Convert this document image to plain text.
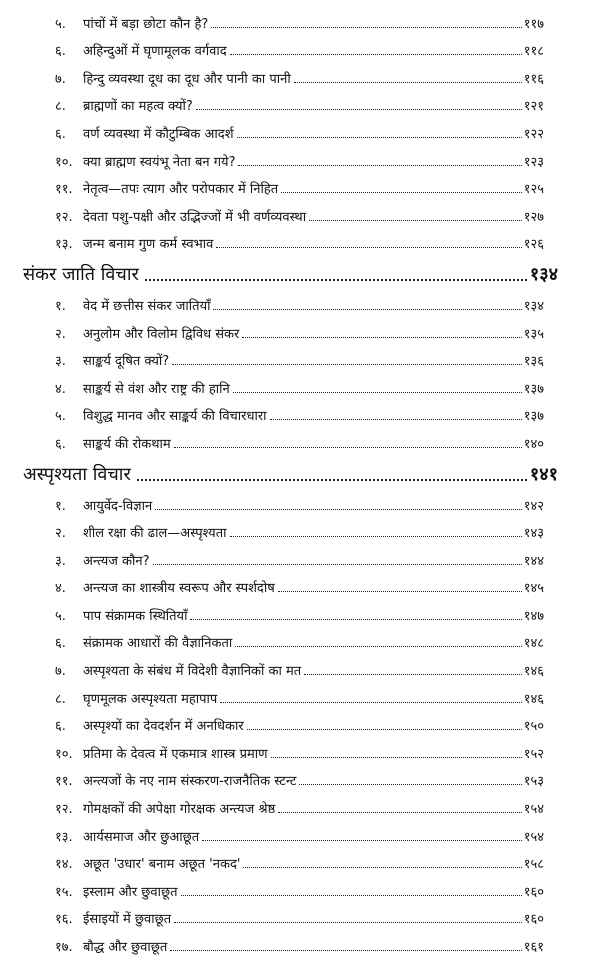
५.	पांचों में बड़ा छोटा कौन है?	११७
६.	अहिन्दुओं में घृणामूलक वर्गवाद	११८
७.	हिन्दु व्यवस्था दूध का दूध और पानी का पानी	११६
८.	ब्राह्मणों का महत्व क्यों?	१२१
६.	वर्ण व्यवस्था में कौटुम्बिक आदर्श	१२२
१०. क्या ब्राह्मण स्वयंभू नेता बन गये?	१२३
११. नेतृत्व—तपः त्याग और परोपकार में निहित	१२५
१२. देवता पशु-पक्षी और उद्भिज्जों में भी वर्णव्यवस्था	१२७
१३. जन्म बनाम गुण कर्म स्वभाव	१२६
संकर जाति विचार	१३४
१.	वेद में छत्तीस संकर जातियाँ	१३४
२.	अनुलोम और विलोम द्विविध संकर	१३५
३.	साङ्कर्य दूषित क्यों?	१३६
४.	साङ्कर्य से वंश और राष्ट्र की हानि	१३७
५.	विशुद्ध मानव और साङ्कर्य की विचारधारा	१३७
६.	साङ्कर्य की रोकथाम	१४०
अस्पृश्यता विचार	१४१
१.	आयुर्वेद-विज्ञान	१४२
२.	शील रक्षा की ढाल—अस्पृश्यता	१४३
३.	अन्त्यज कौन?	१४४
४.	अन्त्यज का शास्त्रीय स्वरूप और स्पर्शदोष	१४५
५.	पाप संक्रामक स्थितियाँ	१४७
६.	संक्रामक आधारों की वैज्ञानिकता	१४८
७.	अस्पृश्यता के संबंध में विदेशी वैज्ञानिकों का मत	१४६
८.	घृणमूलक अस्पृश्यता महापाप	१४६
६.	अस्पृश्यों का देवदर्शन में अनधिकार	१५०
१०. प्रतिमा के देवत्व में एकमात्र शास्त्र प्रमाण	१५२
११. अन्त्यजों के नए नाम संस्करण-राजनैतिक स्टन्ट	१५३
१२. गोमक्षकों की अपेक्षा गोरक्षक अन्त्यज श्रेष्ठ	१५४
१३. आर्यसमाज और छुआछूत	१५४
१४. अछूत 'उधार' बनाम अछूत 'नकद'	१५८
१५. इस्लाम और छुवाछूत	१६०
१६. ईसाइयों में छुवाछूत	१६०
१७. बौद्ध और छुवाछूत	१६१
